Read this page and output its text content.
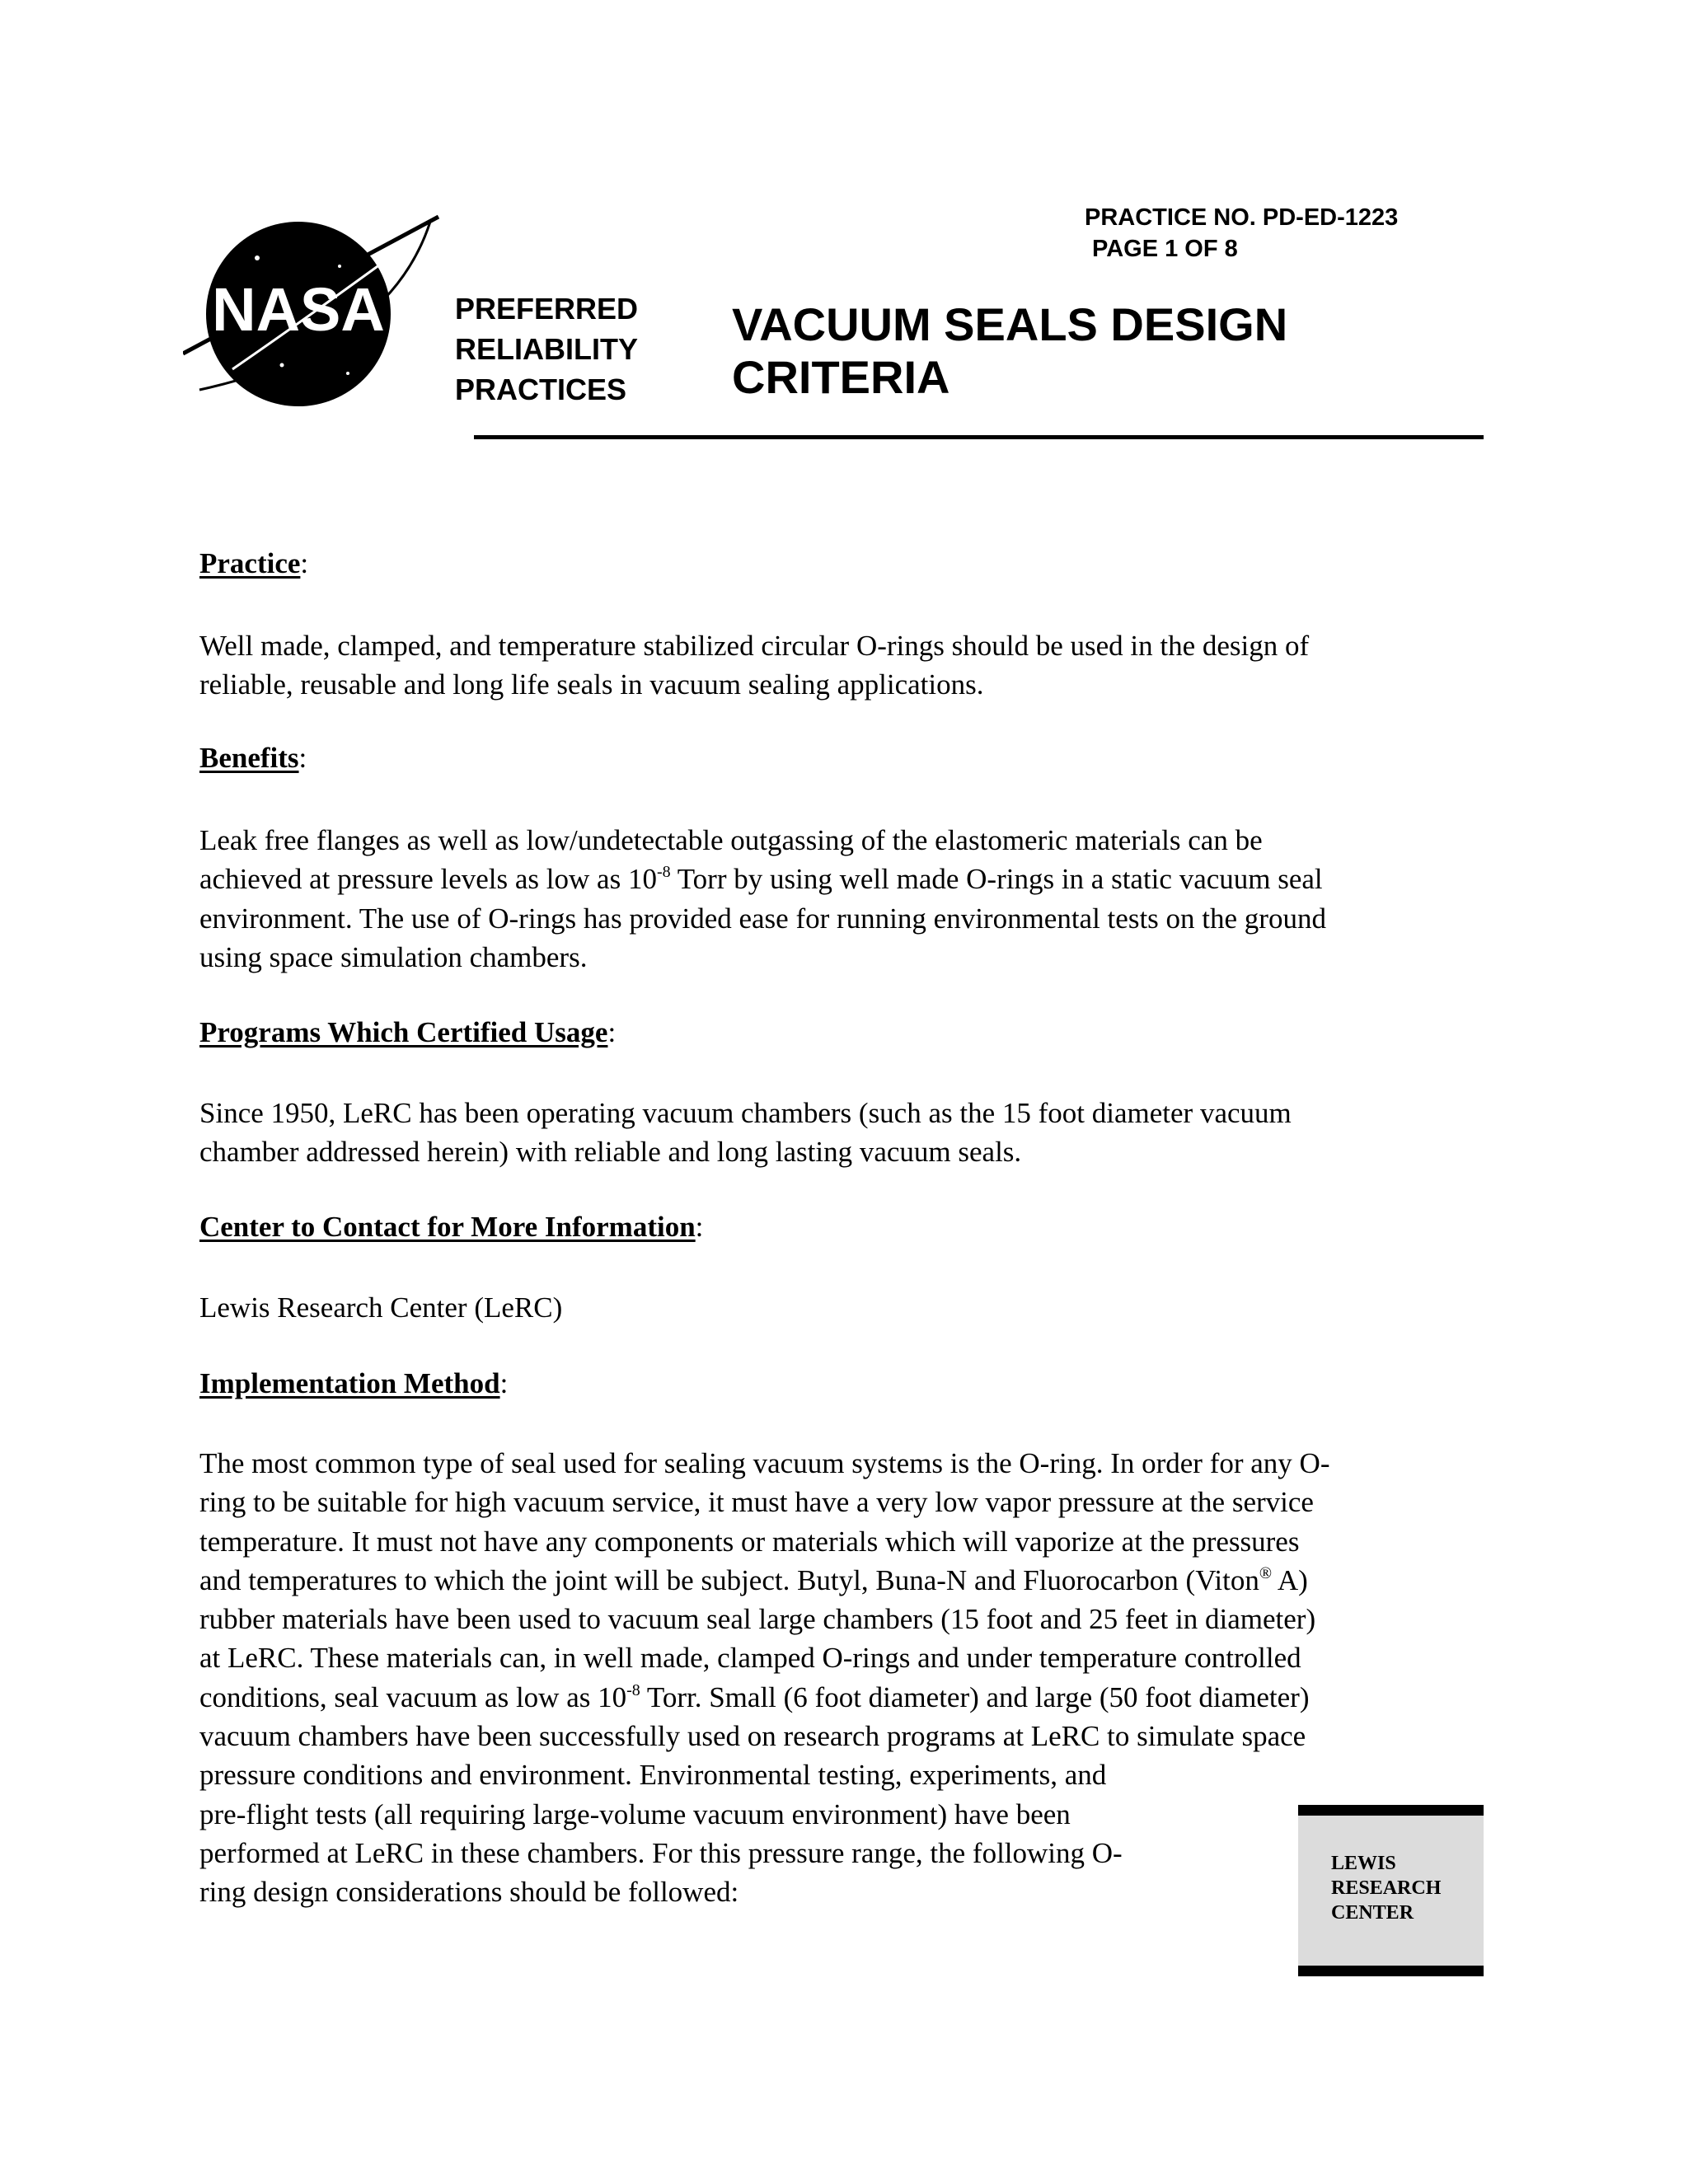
NASA
PRACTICE NO. PD-ED-1223
PAGE 1 OF 8
PREFERRED
RELIABILITY
PRACTICES
VACUUM SEALS DESIGN
CRITERIA
Practice:
Well made, clamped, and temperature stabilized circular O-rings should be used in the design of
reliable, reusable and long life seals in vacuum sealing applications.
Benefits:
Leak free flanges as well as low/undetectable outgassing of the elastomeric materials can be
achieved at pressure levels as low as $10^{-8}$ Torr by using well made O-rings in a static vacuum seal
environment. The use of O-rings has provided ease for running environmental tests on the ground
using space simulation chambers.
Programs Which Certified Usage:
Since 1950, LeRC has been operating vacuum chambers (such as the 15 foot diameter vacuum
chamber addressed herein) with reliable and long lasting vacuum seals.
Center to Contact for More Information:
Lewis Research Center (LeRC)
Implementation Method:
The most common type of seal used for sealing vacuum systems is the O-ring. In order for any O-
ring to be suitable for high vacuum service, it must have a very low vapor pressure at the service
temperature. It must not have any components or materials which will vaporize at the pressures
and temperatures to which the joint will be subject. Butyl, Buna-N and Fluorocarbon (Viton® A)
rubber materials have been used to vacuum seal large chambers (15 foot and 25 feet in diameter)
at LeRC. These materials can, in well made, clamped O-rings and under temperature controlled
conditions, seal vacuum as low as $10^{-8}$ Torr. Small (6 foot diameter) and large (50 foot diameter)
vacuum chambers have been successfully used on research programs at LeRC to simulate space
pressure conditions and environment. Environmental testing, experiments, and
pre-flight tests (all requiring large-volume vacuum environment) have been
performed at LeRC in these chambers. For this pressure range, the following O-
ring design considerations should be followed:
LEWIS
RESEARCH
CENTER
